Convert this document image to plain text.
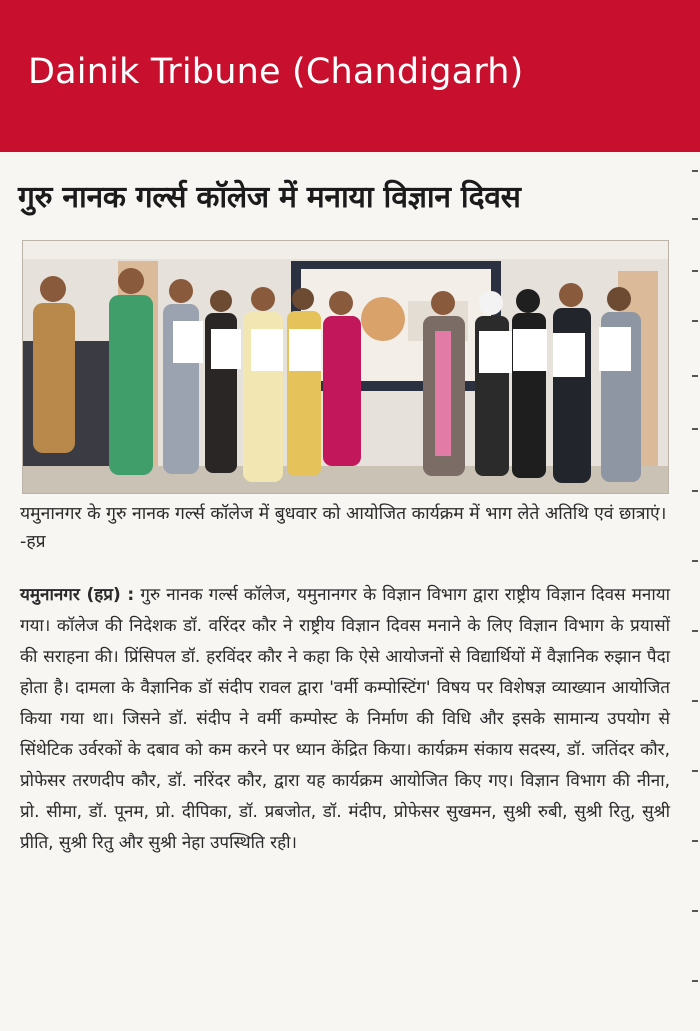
Dainik Tribune (Chandigarh)
गुरु नानक गर्ल्स कॉलेज में मनाया विज्ञान दिवस
यमुनानगर के गुरु नानक गर्ल्स कॉलेज में बुधवार को आयोजित कार्यक्रम में भाग लेते अतिथि एवं छात्राएं। -हप्र
यमुनानगर (हप्र) : गुरु नानक गर्ल्स कॉलेज, यमुनानगर के विज्ञान विभाग द्वारा राष्ट्रीय विज्ञान दिवस मनाया गया। कॉलेज की निदेशक डॉ. वरिंदर कौर ने राष्ट्रीय विज्ञान दिवस मनाने के लिए विज्ञान विभाग के प्रयासों की सराहना की। प्रिंसिपल डॉ. हरविंदर कौर ने कहा कि ऐसे आयोजनों से विद्यार्थियों में वैज्ञानिक रुझान पैदा होता है। दामला के वैज्ञानिक डॉ संदीप रावल द्वारा 'वर्मी कम्पोस्टिंग' विषय पर विशेषज्ञ व्याख्यान आयोजित किया गया था। जिसने डॉ. संदीप ने वर्मी कम्पोस्ट के निर्माण की विधि और इसके सामान्य उपयोग से सिंथेटिक उर्वरकों के दबाव को कम करने पर ध्यान केंद्रित किया। कार्यक्रम संकाय सदस्य, डॉ. जतिंदर कौर, प्रोफेसर तरणदीप कौर, डॉ. नरिंदर कौर, द्वारा यह कार्यक्रम आयोजित किए गए। विज्ञान विभाग की नीना, प्रो. सीमा, डॉ. पूनम, प्रो. दीपिका, डॉ. प्रबजोत, डॉ. मंदीप, प्रोफेसर सुखमन, सुश्री रुबी, सुश्री रितु, सुश्री प्रीति, सुश्री रितु और सुश्री नेहा उपस्थिति रही।
